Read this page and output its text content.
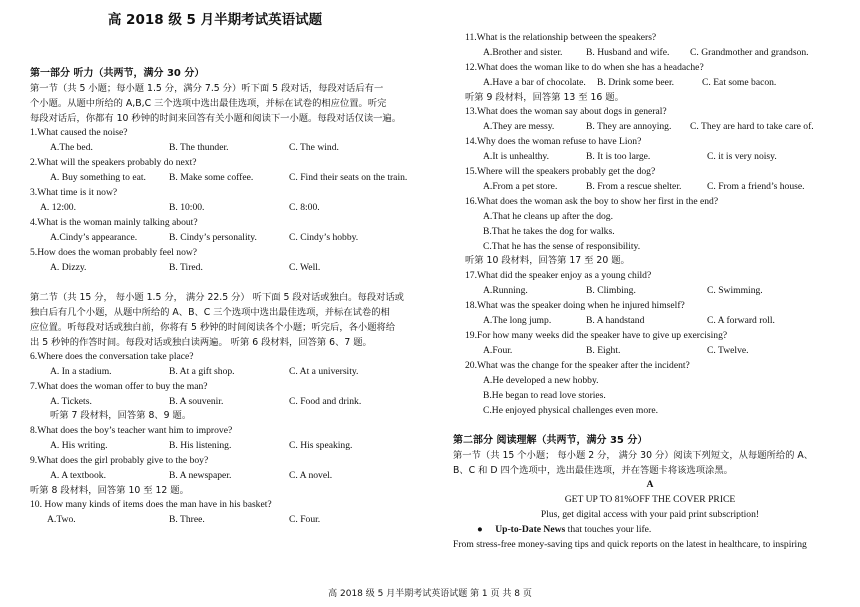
高 2018 级 5 月半期考试英语试题
第一部分 听力（共两节，满分 30 分）
第一节（共 5 小题；每小题 1.5 分，满分 7.5 分）听下面 5 段对话，每段对话后有一
个小题。从题中所给的 A,B,C 三个选项中选出最佳选项，并标在试卷的相应位置。听完
每段对话后，你都有 10 秒钟的时间来回答有关小题和阅读下一小题。每段对话仅读一遍。
1.What caused the noise?
A.The bed.	B. The thunder.	C. The wind.
2.What will the speakers probably do next?
A. Buy something to eat. B. Make some coffee.	C. Find their seats on the train.
3.What time is it now?
A. 12:00.	B. 10:00.	C. 8:00.
4.What is the woman mainly talking about?
A.Cindy’s appearance.	B. Cindy’s personality.	C. Cindy’s hobby.
5.How does the woman probably feel now?
A. Dizzy.	B. Tired.	C. Well.
第二节（共 15 分， 每小题 1.5 分， 满分 22.5 分） 听下面 5 段对话或独白。每段对话或
独白后有几个小题，从题中所给的 A、B、C 三个选项中选出最佳选项，并标在试卷的相
应位置。听每段对话或独白前，你将有 5 秒钟的时间阅读各个小题；听完后，各小题将给
出 5 秒钟的作答时间。每段对话或独白读两遍。 听第 6 段材料，回答第 6、7 题。
6.Where does the conversation take place?
A. In a stadium.	B. At a gift shop.	C. At a university.
7.What does the woman offer to buy the man?
A. Tickets.	B. A souvenir.	C. Food and drink.
听第 7 段材料，回答第 8、9 题。
8.What does the boy’s teacher want him to improve?
A. His writing.	B. His listening.	C. His speaking.
9.What does the girl probably give to the boy?
A. A textbook.	B. A newspaper.	C. A novel.
听第 8 段材料，回答第 10 至 12 题。
10. How many kinds of items does the man have in his basket?
A.Two.	B. Three.	C. Four.
11.What is the relationship between the speakers?
A.Brother and sister. B. Husband and wife. C. Grandmother and grandson.
12.What does the woman like to do when she has a headache?
A.Have a bar of chocolate. B. Drink some beer.	C. Eat some bacon.
听第 9 段材料，回答第 13 至 16 题。
13.What does the woman say about dogs in general?
A.They are messy.	B. They are annoying. C. They are hard to take care of.
14.Why does the woman refuse to have Lion?
A.It is unhealthy.	B. It is too large.	C. it is very noisy.
15.Where will the speakers probably get the dog?
A.From a pet store.	B. From a rescue shelter.	C. From a friend’s house.
16.What does the woman ask the boy to show her first in the end?
A.That he cleans up after the dog.
B.That he takes the dog for walks.
C.That he has the sense of responsibility.
听第 10 段材料，回答第 17 至 20 题。
17.What did the speaker enjoy as a young child?
A.Running.	B. Climbing.	C. Swimming.
18.What was the speaker doing when he injured himself?
A.The long jump.	B. A handstand	C. A forward roll.
19.For how many weeks did the speaker have to give up exercising?
A.Four.	B. Eight.	C. Twelve.
20.What was the change for the speaker after the incident?
A.He developed a new hobby.
B.He began to read love stories.
C.He enjoyed physical challenges even more.
第二部分 阅读理解（共两节，满分 35 分）
第一节（共 15 个小题； 每小题 2 分， 满分 30 分）阅读下列短文，从每题所给的 A、
B、C 和 D 四个选项中，选出最佳选项，并在答题卡将该选项涂黑。
A
GET UP TO 81%OFF THE COVER PRICE
Plus, get digital access with your paid print subscription!
● Up-to-Date News that touches your life.
From stress-free money-saving tips and quick reports on the latest in healthcare, to inspiring
高 2018 级 5 月半期考试英语试题 第 1 页 共 8 页
